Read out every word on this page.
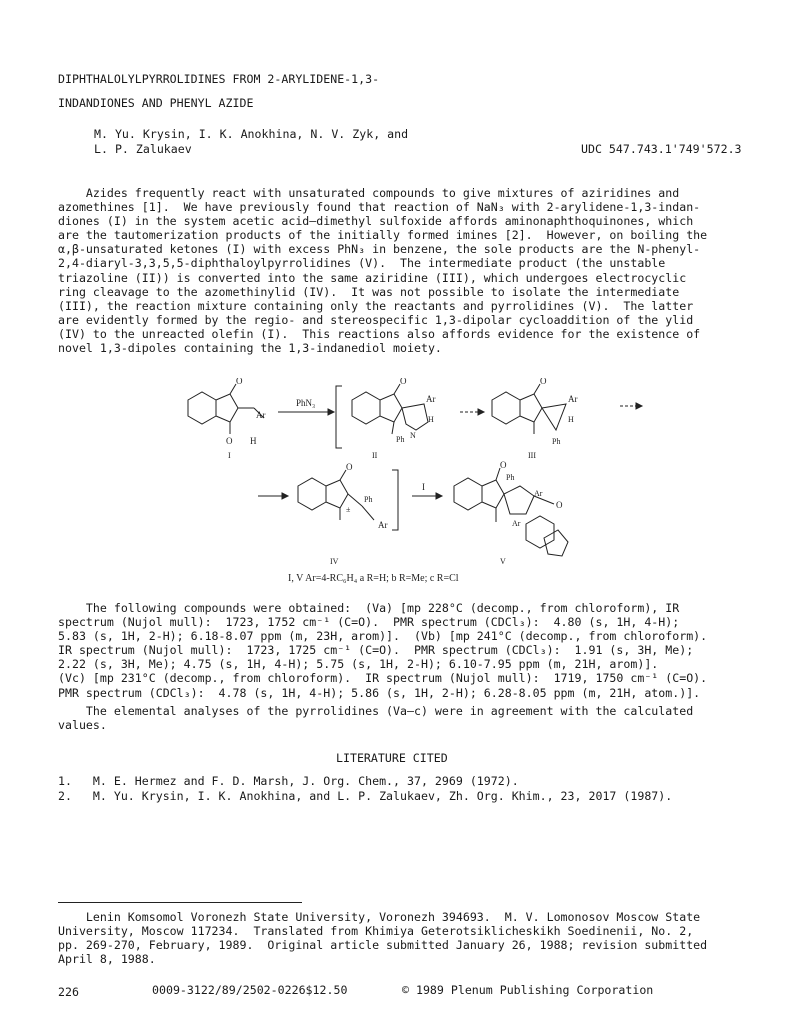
DIPHTHALOLYLPYRROLIDINES FROM 2-ARYLIDENE-1,3-
INDANDIONES AND PHENYL AZIDE
M. Yu. Krysin, I. K. Anokhina, N. V. Zyk, and
L. P. Zalukaev	UDC 547.743.1'749'572.3
Azides frequently react with unsaturated compounds to give mixtures of aziridines and
azomethines [1].  We have previously found that reaction of NaN₃ with 2-arylidene-1,3-indan-
diones (I) in the system acetic acid—dimethyl sulfoxide affords aminonaphthoquinones, which
are the tautomerization products of the initially formed imines [2].  However, on boiling the
α,β-unsaturated ketones (I) with excess PhN₃ in benzene, the sole products are the N-phenyl-
2,4-diaryl-3,3,5,5-diphthaloylpyrrolidines (V).  The intermediate product (the unstable
triazoline (II)) is converted into the same aziridine (III), which undergoes electrocyclic
ring cleavage to the azomethinylid (IV).  It was not possible to isolate the intermediate
(III), the reaction mixture containing only the reactants and pyrrolidines (V).  The latter
are evidently formed by the regio- and stereospecific 1,3-dipolar cycloaddition of the ylid
(IV) to the unreacted olefin (I).  This reactions also affords evidence for the existence of
novel 1,3-dipoles containing the 1,3-indanediol moiety.
O
Ar
O H
PhN₃
O
Ar
H
N
Ph
O
Ar
H
Ph
O
Ph
±
Ar
I
O
Ph
Ar
O
Ar
I	II	III
IV	V
I, V Ar=4-RC₆H₄ a R=H; b R=Me; c R=Cl
The following compounds were obtained:  (Va) [mp 228°C (decomp., from chloroform), IR
spectrum (Nujol mull):  1723, 1752 cm⁻¹ (C=O).  PMR spectrum (CDCl₃):  4.80 (s, 1H, 4-H);
5.83 (s, 1H, 2-H); 6.18-8.07 ppm (m, 23H, arom)].  (Vb) [mp 241°C (decomp., from chloroform).
IR spectrum (Nujol mull):  1723, 1725 cm⁻¹ (C=O).  PMR spectrum (CDCl₃):  1.91 (s, 3H, Me);
2.22 (s, 3H, Me); 4.75 (s, 1H, 4-H); 5.75 (s, 1H, 2-H); 6.10-7.95 ppm (m, 21H, arom)].
(Vc) [mp 231°C (decomp., from chloroform).  IR spectrum (Nujol mull):  1719, 1750 cm⁻¹ (C=O).
PMR spectrum (CDCl₃):  4.78 (s, 1H, 4-H); 5.86 (s, 1H, 2-H); 6.28-8.05 ppm (m, 21H, atom.)].
The elemental analyses of the pyrrolidines (Va—c) were in agreement with the calculated
values.
LITERATURE CITED
1.   M. E. Hermez and F. D. Marsh, J. Org. Chem., 37, 2969 (1972).
2.   M. Yu. Krysin, I. K. Anokhina, and L. P. Zalukaev, Zh. Org. Khim., 23, 2017 (1987).
Lenin Komsomol Voronezh State University, Voronezh 394693.  M. V. Lomonosov Moscow State
University, Moscow 117234.  Translated from Khimiya Geterotsiklicheskikh Soedinenii, No. 2,
pp. 269-270, February, 1989.  Original article submitted January 26, 1988; revision submitted
April 8, 1988.
226	0009-3122/89/2502-0226$12.50	© 1989 Plenum Publishing Corporation
